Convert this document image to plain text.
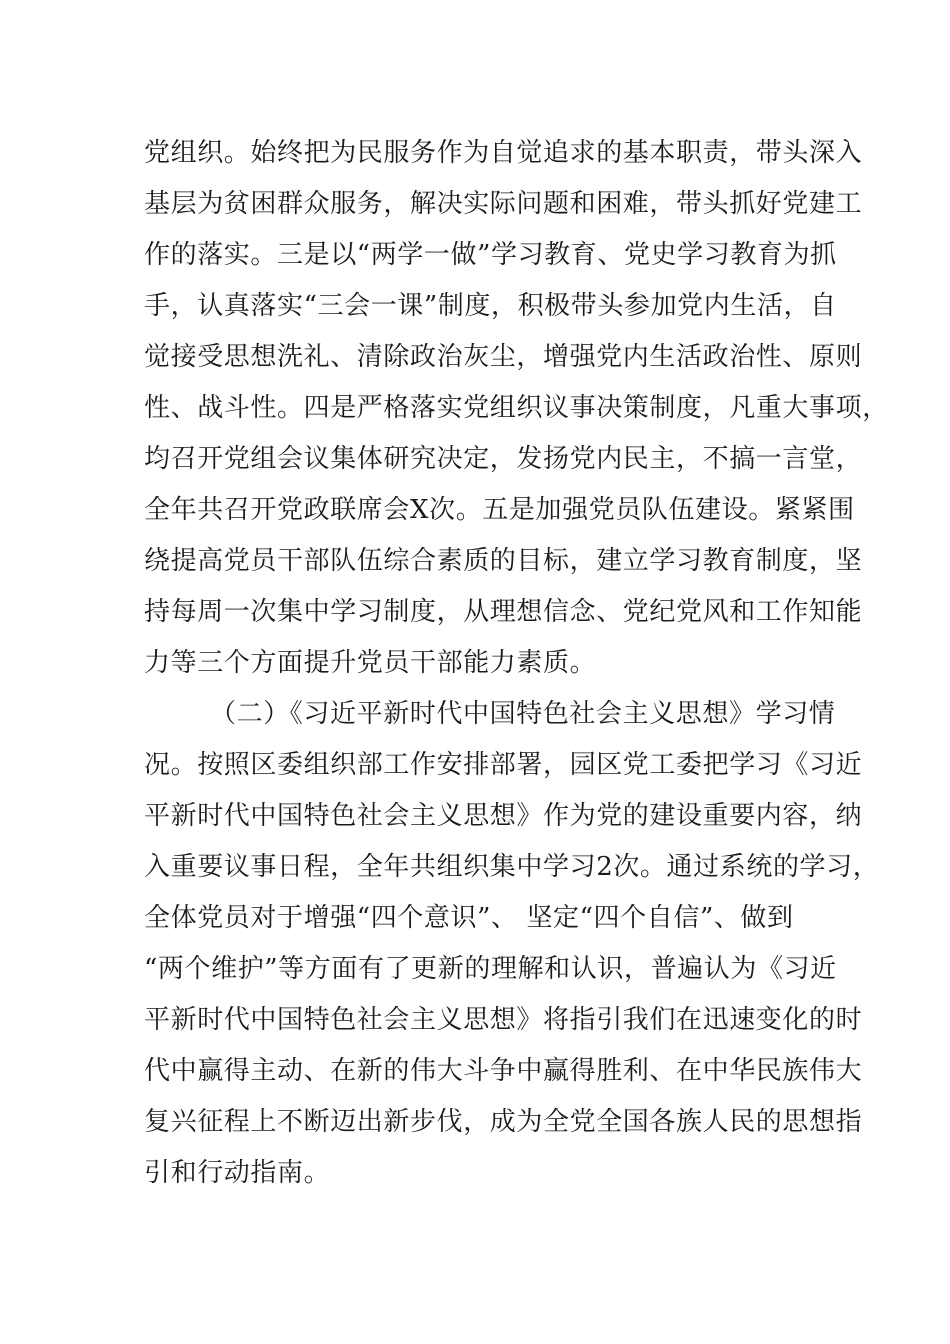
党组织。始终把为民服务作为自觉追求的基本职责，带头深入
基层为贫困群众服务，解决实际问题和困难，带头抓好党建工
作的落实。三是以“两学一做”学习教育、党史学习教育为抓
手，认真落实“三会一课”制度，积极带头参加党内生活，自
觉接受思想洗礼、清除政治灰尘，增强党内生活政治性、原则
性、战斗性。四是严格落实党组织议事决策制度，凡重大事项，
均召开党组会议集体研究决定，发扬党内民主，不搞一言堂，
全年共召开党政联席会X次。五是加强党员队伍建设。紧紧围
绕提高党员干部队伍综合素质的目标，建立学习教育制度，坚
持每周一次集中学习制度，从理想信念、党纪党风和工作知能
力等三个方面提升党员干部能力素质。
（二）《习近平新时代中国特色社会主义思想》学习情
况。按照区委组织部工作安排部署，园区党工委把学习《习近
平新时代中国特色社会主义思想》作为党的建设重要内容，纳
入重要议事日程，全年共组织集中学习2次。通过系统的学习，
全体党员对于增强“四个意识”、 坚定“四个自信”、做到
“两个维护”等方面有了更新的理解和认识，普遍认为《习近
平新时代中国特色社会主义思想》将指引我们在迅速变化的时
代中赢得主动、在新的伟大斗争中赢得胜利、在中华民族伟大
复兴征程上不断迈出新步伐，成为全党全国各族人民的思想指
引和行动指南。
